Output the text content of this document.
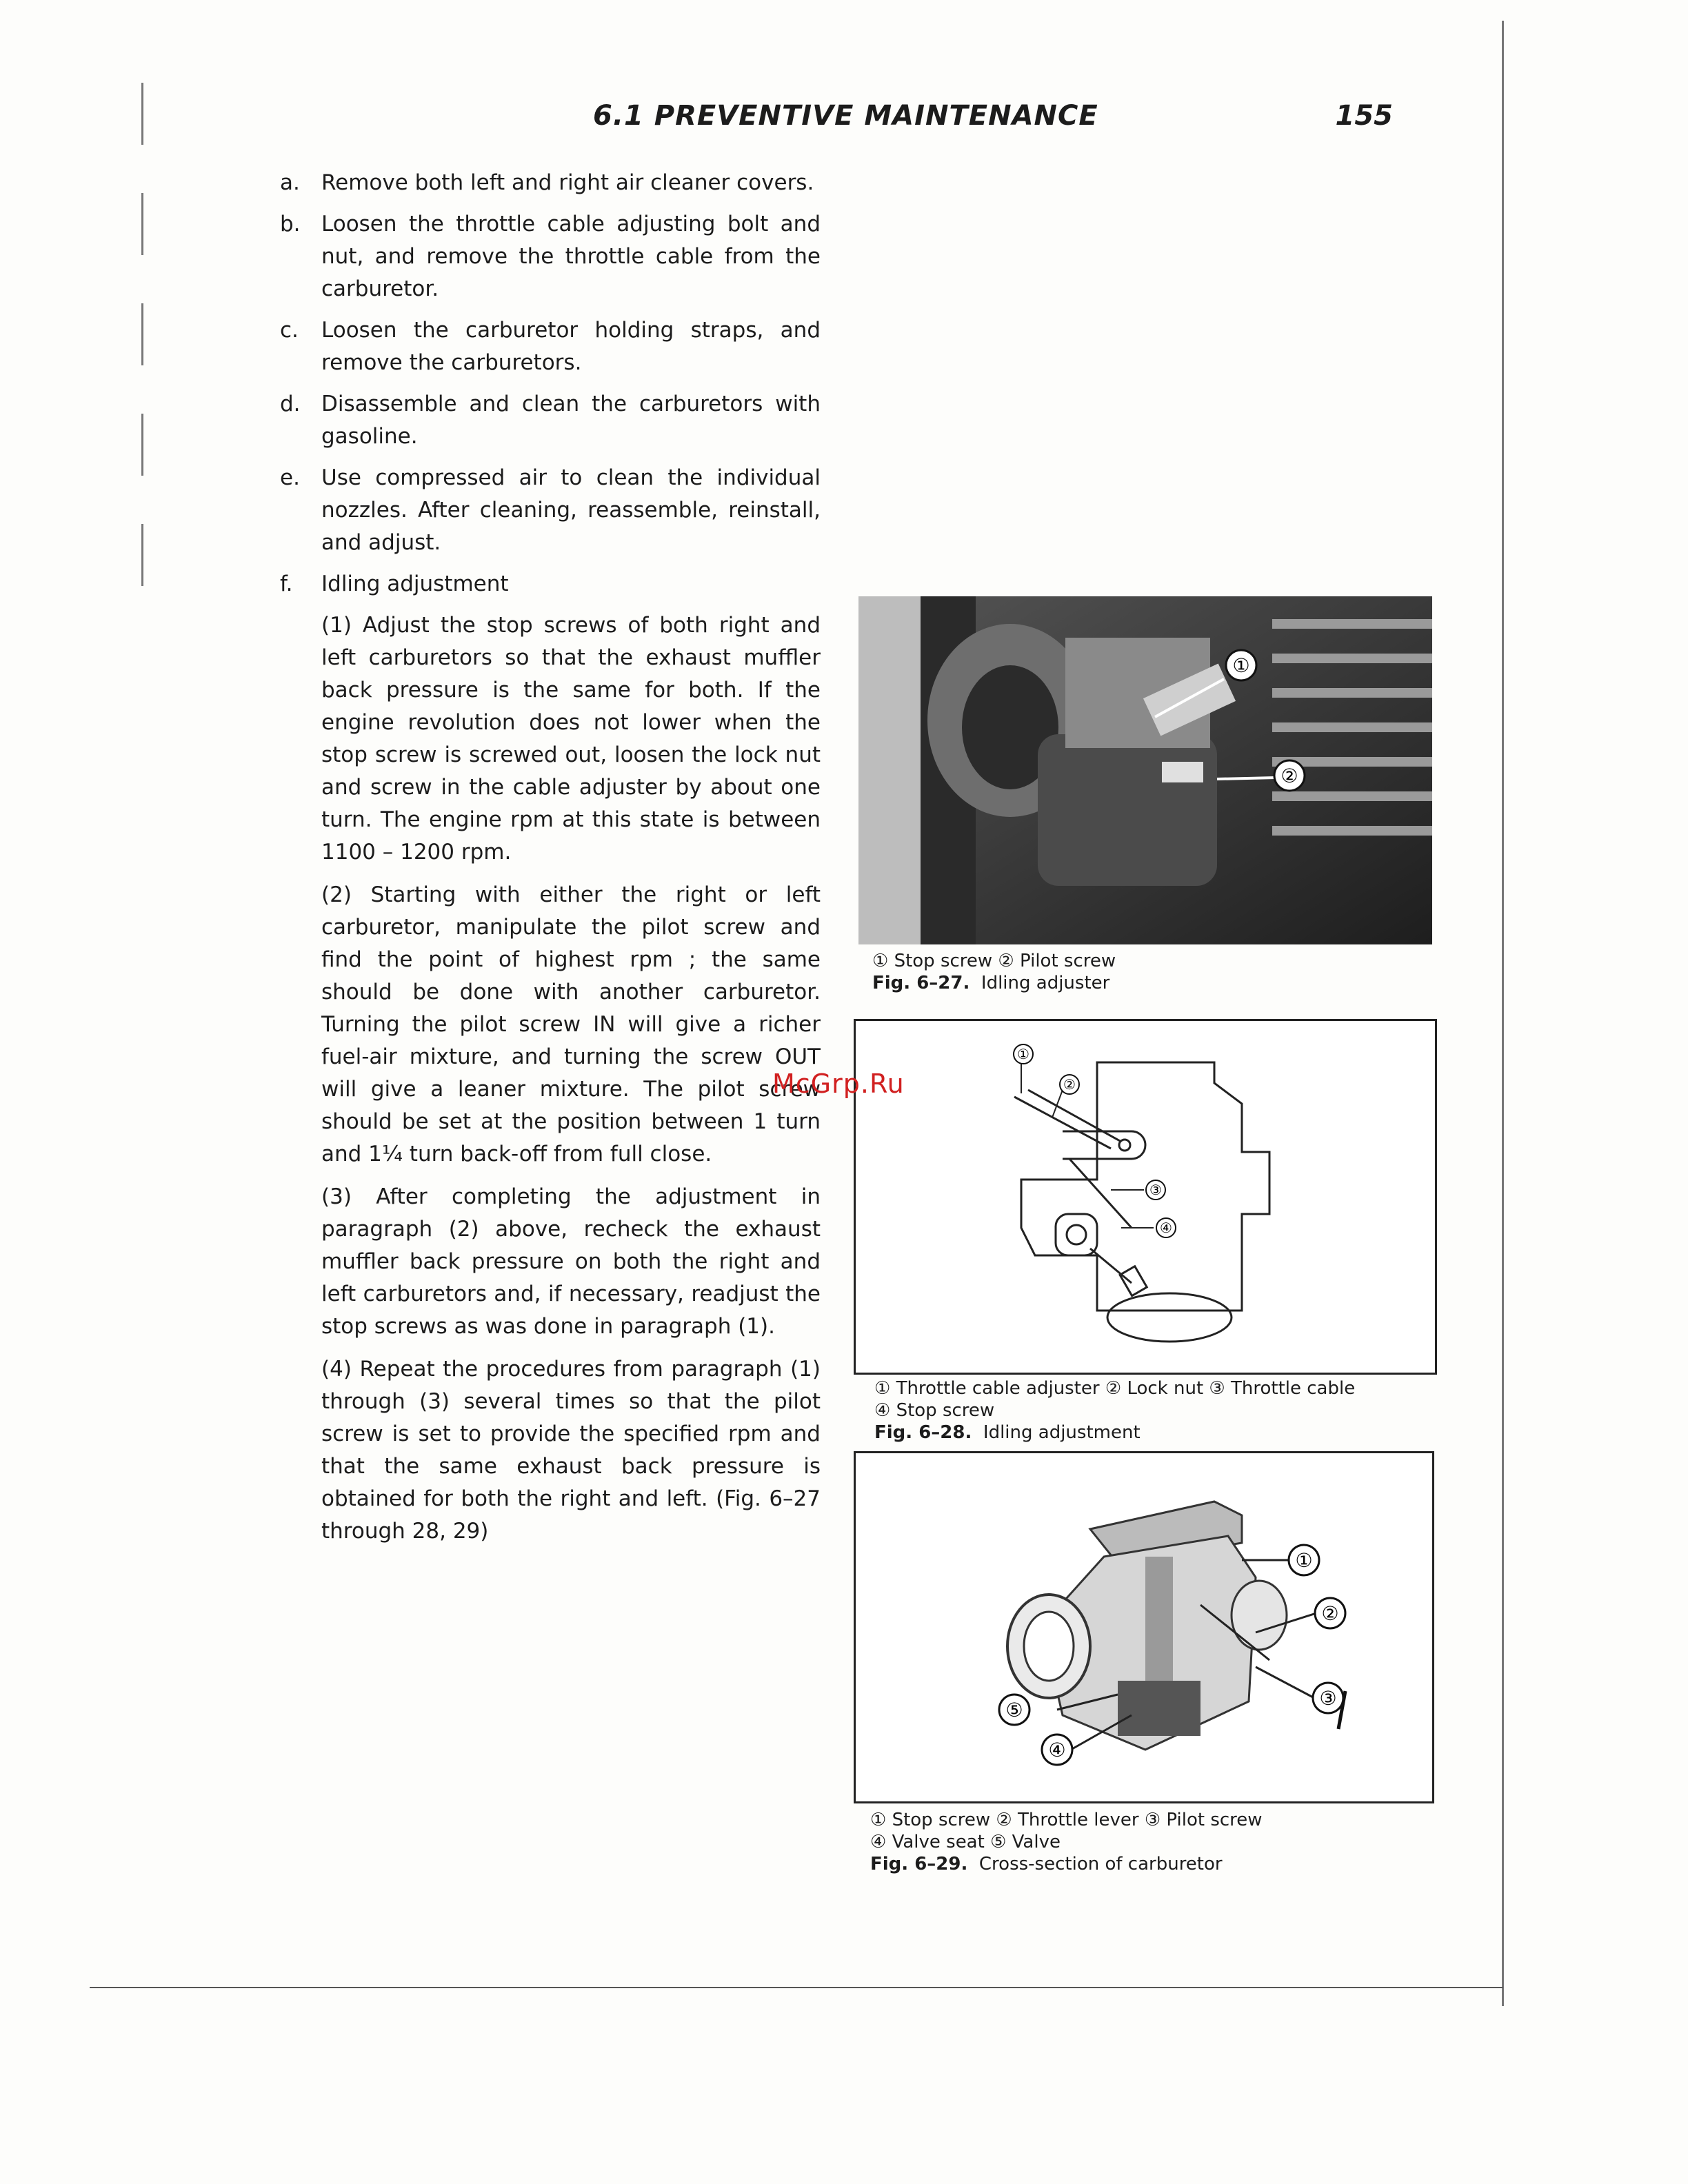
6.1 PREVENTIVE MAINTENANCE	155
a. Remove both left and right air cleaner covers.
b. Loosen the throttle cable adjusting bolt and nut, and remove the throttle cable from the carburetor.
c. Loosen the carburetor holding straps, and remove the carburetors.
d. Disassemble and clean the carburetors with gasoline.
e. Use compressed air to clean the individual nozzles. After cleaning, reassemble, reinstall, and adjust.
f. Idling adjustment
(1) Adjust the stop screws of both right and left carburetors so that the exhaust muffler back pressure is the same for both. If the engine revolution does not lower when the stop screw is screwed out, loosen the lock nut and screw in the cable adjuster by about one turn. The engine rpm at this state is between 1100 – 1200 rpm.
(2) Starting with either the right or left carburetor, manipulate the pilot screw and find the point of highest rpm ; the same should be done with another carburetor. Turning the pilot screw IN will give a richer fuel-air mixture, and turning the screw OUT will give a leaner mixture. The pilot screw should be set at the position between 1 turn and 1¼ turn back-off from full close.
(3) After completing the adjustment in paragraph (2) above, recheck the exhaust muffler back pressure on both the right and left carburetors and, if necessary, readjust the stop screws as was done in paragraph (1).
(4) Repeat the procedures from paragraph (1) through (3) several times so that the pilot screw is set to provide the specified rpm and that the same exhaust back pressure is obtained for both the right and left. (Fig. 6–27 through 28, 29)
①
②
① Stop screw ② Pilot screw
Fig. 6–27. Idling adjuster
①
②
③
④
① Throttle cable adjuster ② Lock nut ③ Throttle cable
④ Stop screw
Fig. 6–28. Idling adjustment
①
②
③
④
⑤
① Stop screw ② Throttle lever ③ Pilot screw
④ Valve seat ⑤ Valve
Fig. 6–29. Cross-section of carburetor
McGrp.Ru
